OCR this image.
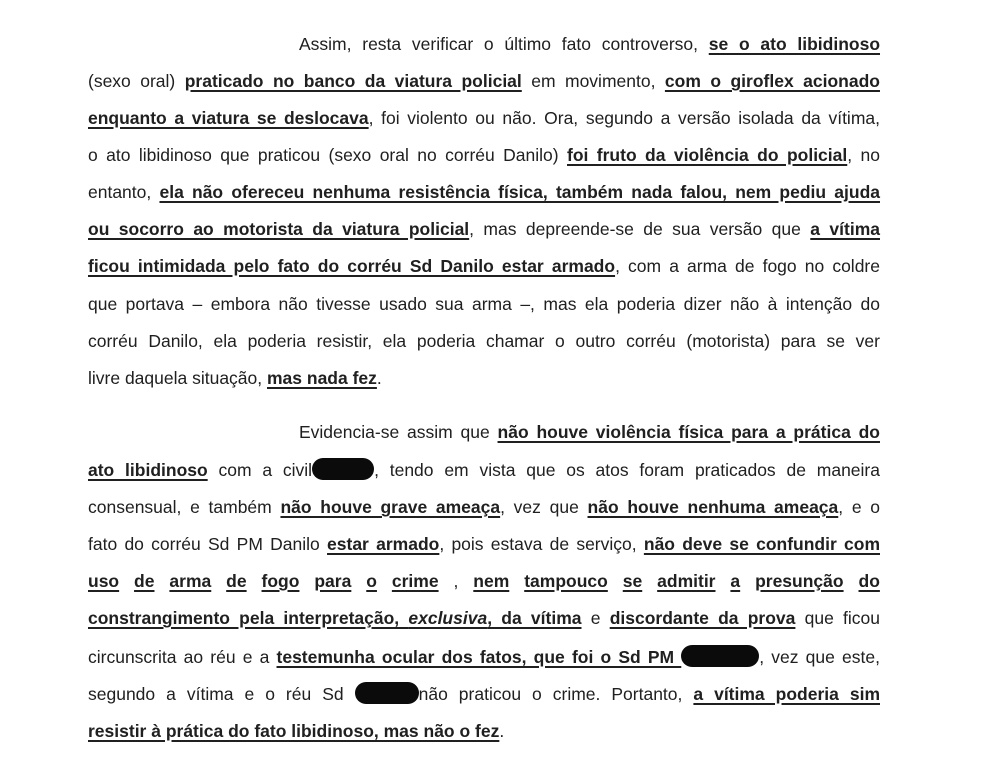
Assim, resta verificar o último fato controverso, se o ato libidinoso
(sexo oral) praticado no banco da viatura policial em movimento, com o giroflex acionado
enquanto a viatura se deslocava , foi violento ou não. Ora, segundo a versão isolada da vítima,
o ato libidinoso que praticou (sexo oral no corréu Danilo) foi fruto da violência do policial , no
entanto, ela não ofereceu nenhuma resistência física, também nada falou, nem pediu ajuda
ou socorro ao motorista da viatura policial , mas depreende-se de sua versão que a vítima
ficou intimidada pelo fato do corréu Sd Danilo estar armado , com a arma de fogo no coldre
que portava – embora não tivesse usado sua arma –, mas ela poderia dizer não à intenção do
corréu Danilo, ela poderia resistir, ela poderia chamar o outro corréu (motorista) para se ver
livre daquela situação, mas nada fez .
Evidencia-se assim que não houve violência física para a prática do
ato libidinoso com a civil	, tendo em vista que os atos foram praticados de maneira
consensual, e também não houve grave ameaça , vez que não houve nenhuma ameaça , e o
fato do corréu Sd PM Danilo estar armado , pois estava de serviço, não deve se confundir com
uso de arma de fogo para o crime , nem tampouco se admitir a presunção do
constrangimento pela interpretação, exclusiva , da vítima e discordante da prova que ficou
circunscrita ao réu e a testemunha ocular dos fatos, que foi o Sd PM	, vez que este,
segundo a vítima e o réu Sd	não praticou o crime. Portanto, a vítima poderia sim
resistir à prática do fato libidinoso, mas não o fez .
